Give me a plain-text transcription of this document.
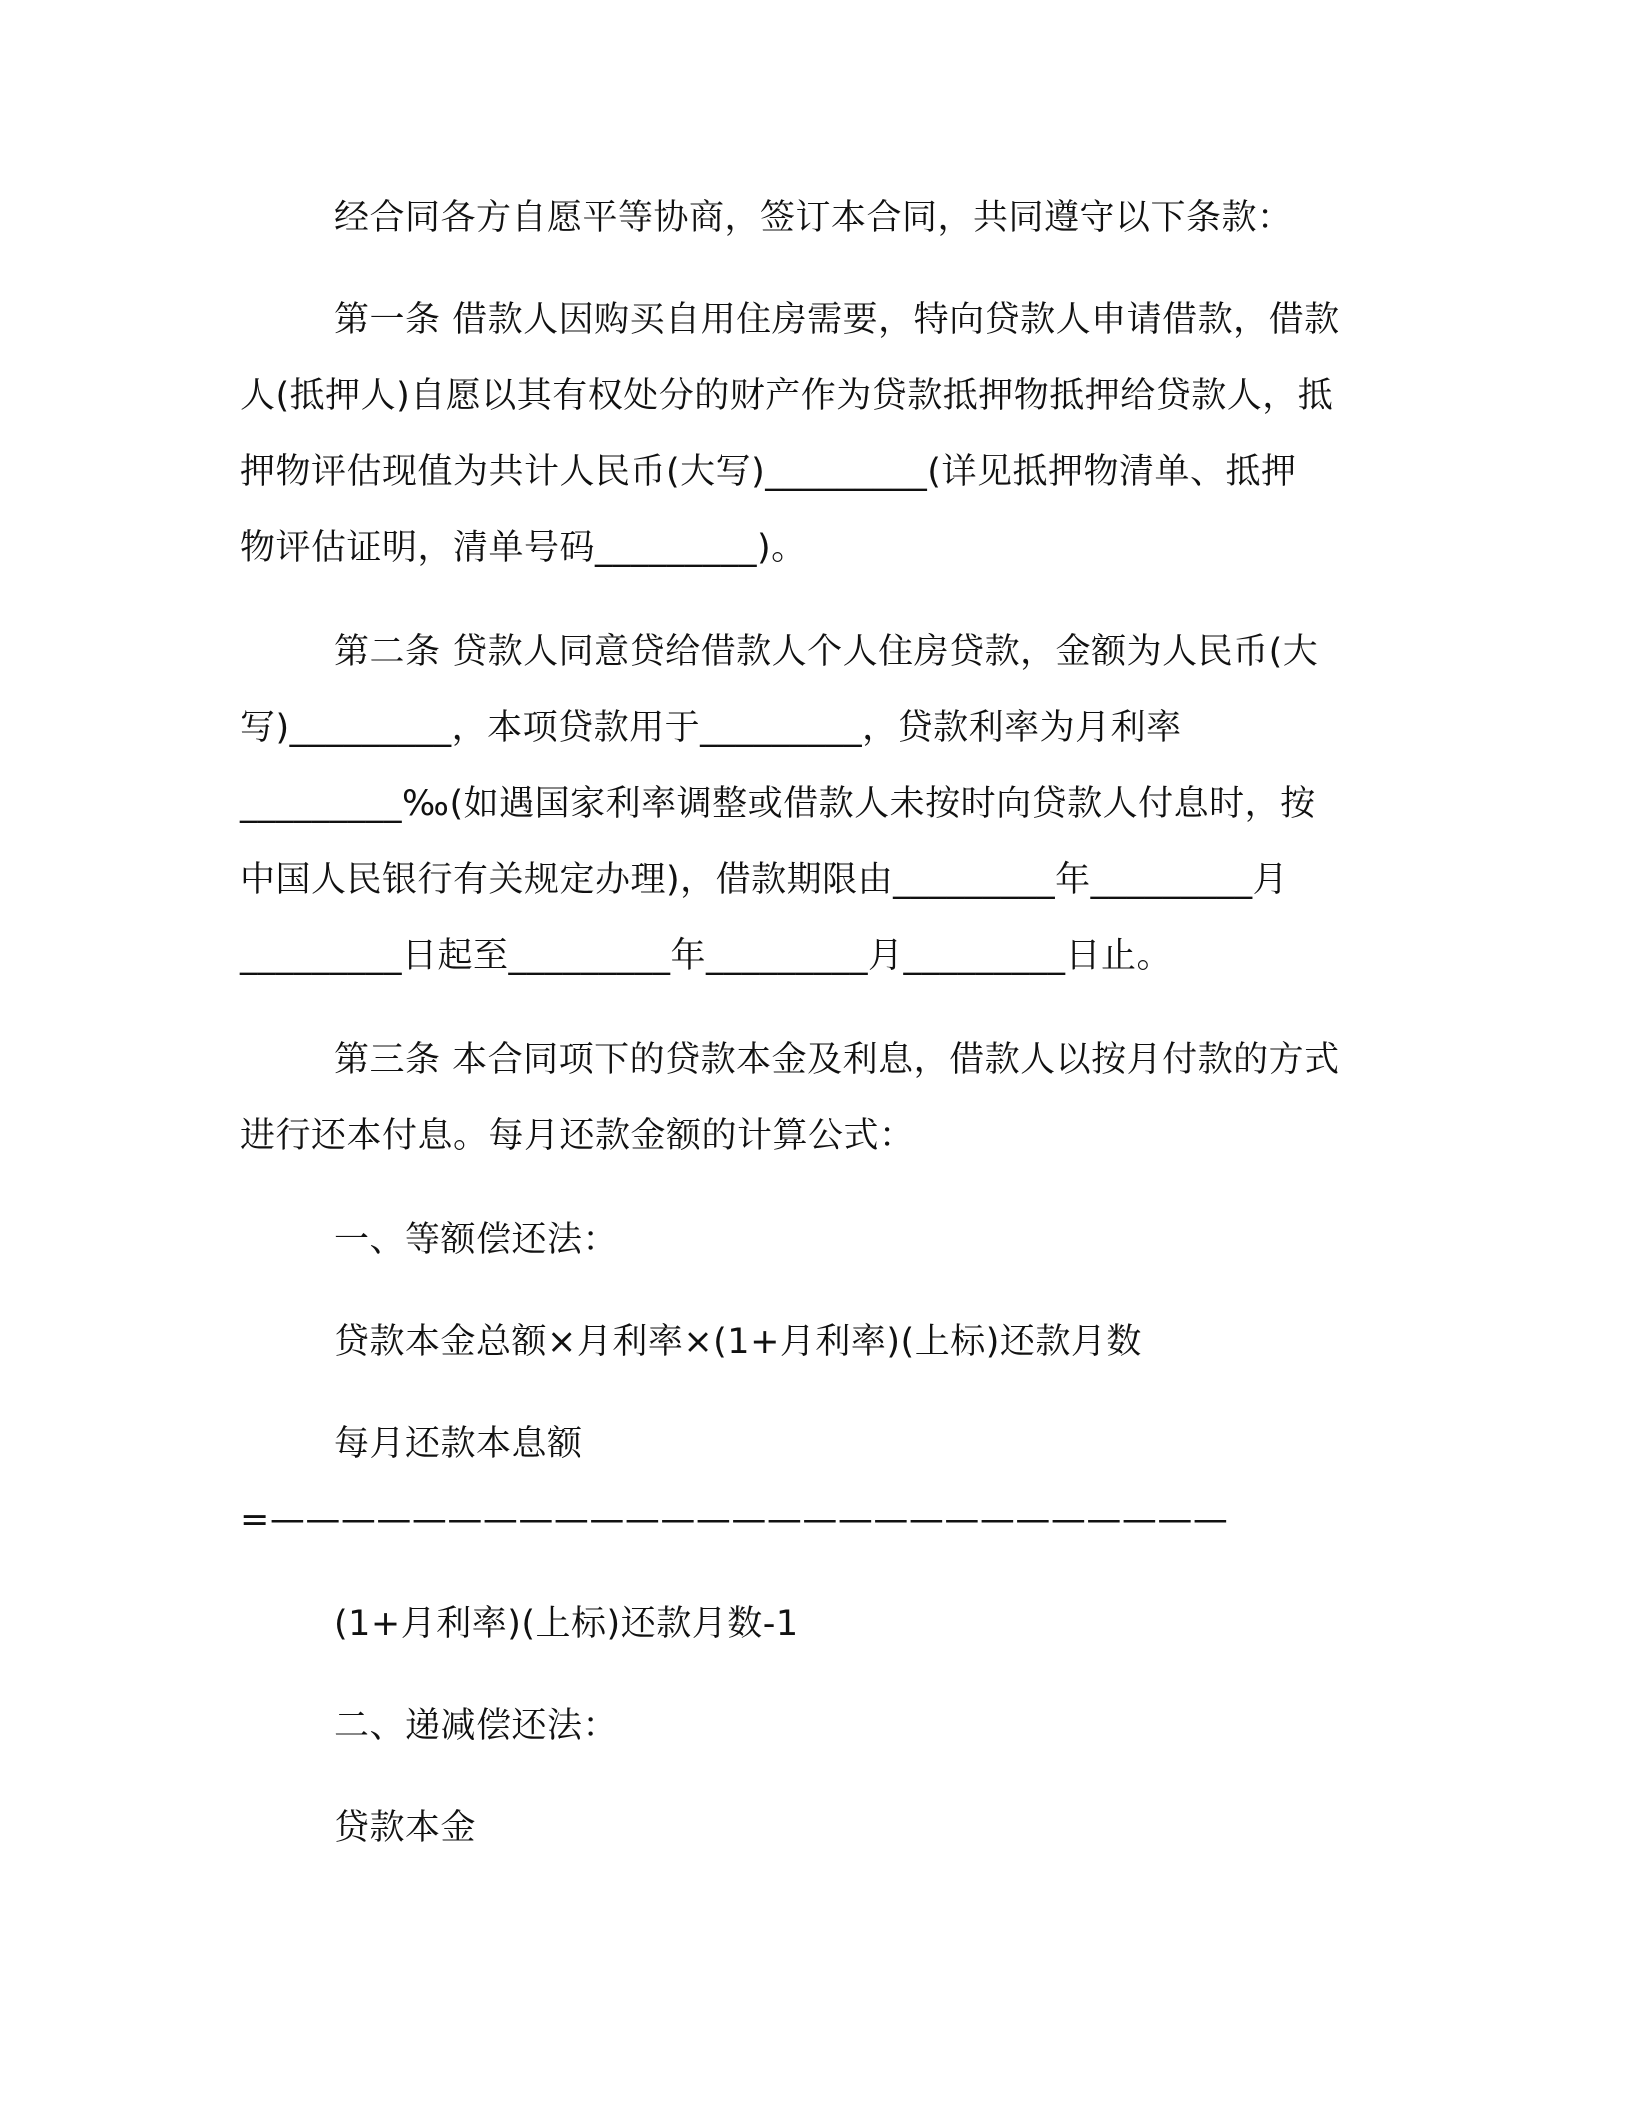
经合同各方自愿平等协商，签订本合同，共同遵守以下条款：
第一条 借款人因购买自用住房需要，特向贷款人申请借款，借款
人(抵押人)自愿以其有权处分的财产作为贷款抵押物抵押给贷款人，抵
押物评估现值为共计人民币(大写)_________(详见抵押物清单、抵押
物评估证明，清单号码_________)。
第二条 贷款人同意贷给借款人个人住房贷款，金额为人民币(大
写)_________，本项贷款用于_________，贷款利率为月利率
_________‰(如遇国家利率调整或借款人未按时向贷款人付息时，按
中国人民银行有关规定办理)，借款期限由_________年_________月
_________日起至_________年_________月_________日止。
第三条 本合同项下的贷款本金及利息，借款人以按月付款的方式
进行还本付息。每月还款金额的计算公式：
一、等额偿还法：
贷款本金总额×月利率×(1+月利率)(上标)还款月数
每月还款本息额
=———————————————————————————
(1+月利率)(上标)还款月数-1
二、递减偿还法：
贷款本金
